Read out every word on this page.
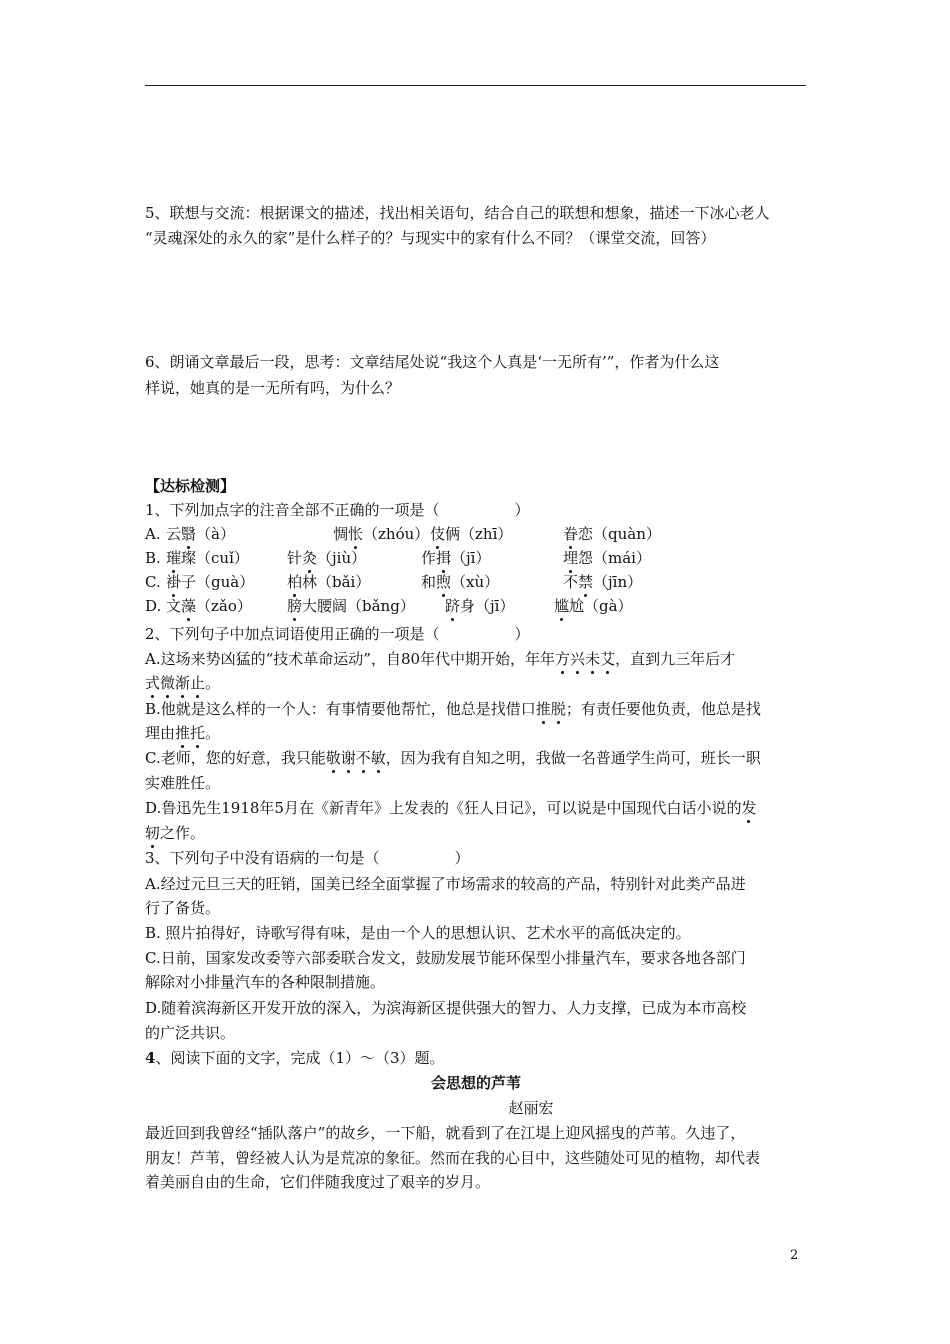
5、联想与交流：根据课文的描述，找出相关语句，结合自己的联想和想象，描述一下冰心老人

“灵魂深处的永久的家”是什么样子的？与现实中的家有什么不同？（课堂交流，回答）

6、朗诵文章最后一段，思考：文章结尾处说“我这个人真是‘一无所有’”，作者为什么这

样说，她真的是一无所有吗，为什么？

【达标检测】

1、下列加点字的注音全部不正确的一项是（　　　　　）

A. 云翳（à）	惆怅（zhóu） 伎俩（zhī）	眷恋（quàn）
B. 璀璨（cuǐ）	针灸（jiù）	作揖（jī）	埋怨（mái）
C. 褂子（guà） 柏林（bǎi）	和煦（xù）	不禁（jīn）
D. 文藻（zǎo） 膀大腰阔（bǎng） 跻身（jī）	尴尬（gà）

2、下列句子中加点词语使用正确的一项是（　　　　　）

A.这场来势凶猛的“技术革命运动”，自80年代中期开始，年年方兴未艾，直到九三年后才

式微渐止。

B.他就是这么样的一个人：有事情要他帮忙，他总是找借口推脱；有责任要他负责，他总是找

理由推托。

C.老师，您的好意，我只能敬谢不敏，因为我有自知之明，我做一名普通学生尚可，班长一职

实难胜任。

D.鲁迅先生1918年5月在《新青年》上发表的《狂人日记》，可以说是中国现代白话小说的发

轫之作。

3、下列句子中没有语病的一句是（　　　　　）

A.经过元旦三天的旺销，国美已经全面掌握了市场需求的较高的产品，特别针对此类产品进

行了备货。

B. 照片拍得好，诗歌写得有味，是由一个人的思想认识、艺术水平的高低决定的。

C.日前，国家发改委等六部委联合发文，鼓励发展节能环保型小排量汽车，要求各地各部门

解除对小排量汽车的各种限制措施。

D.随着滨海新区开发开放的深入，为滨海新区提供强大的智力、人力支撑，已成为本市高校

的广泛共识。

4、阅读下面的文字，完成（1）～（3）题。

会思想的芦苇
赵丽宏

最近回到我曾经“插队落户”的故乡，一下船，就看到了在江堤上迎风摇曳的芦苇。久违了，

朋友！芦苇，曾经被人认为是荒凉的象征。然而在我的心目中，这些随处可见的植物，却代表

着美丽自由的生命，它们伴随我度过了艰辛的岁月。

2
